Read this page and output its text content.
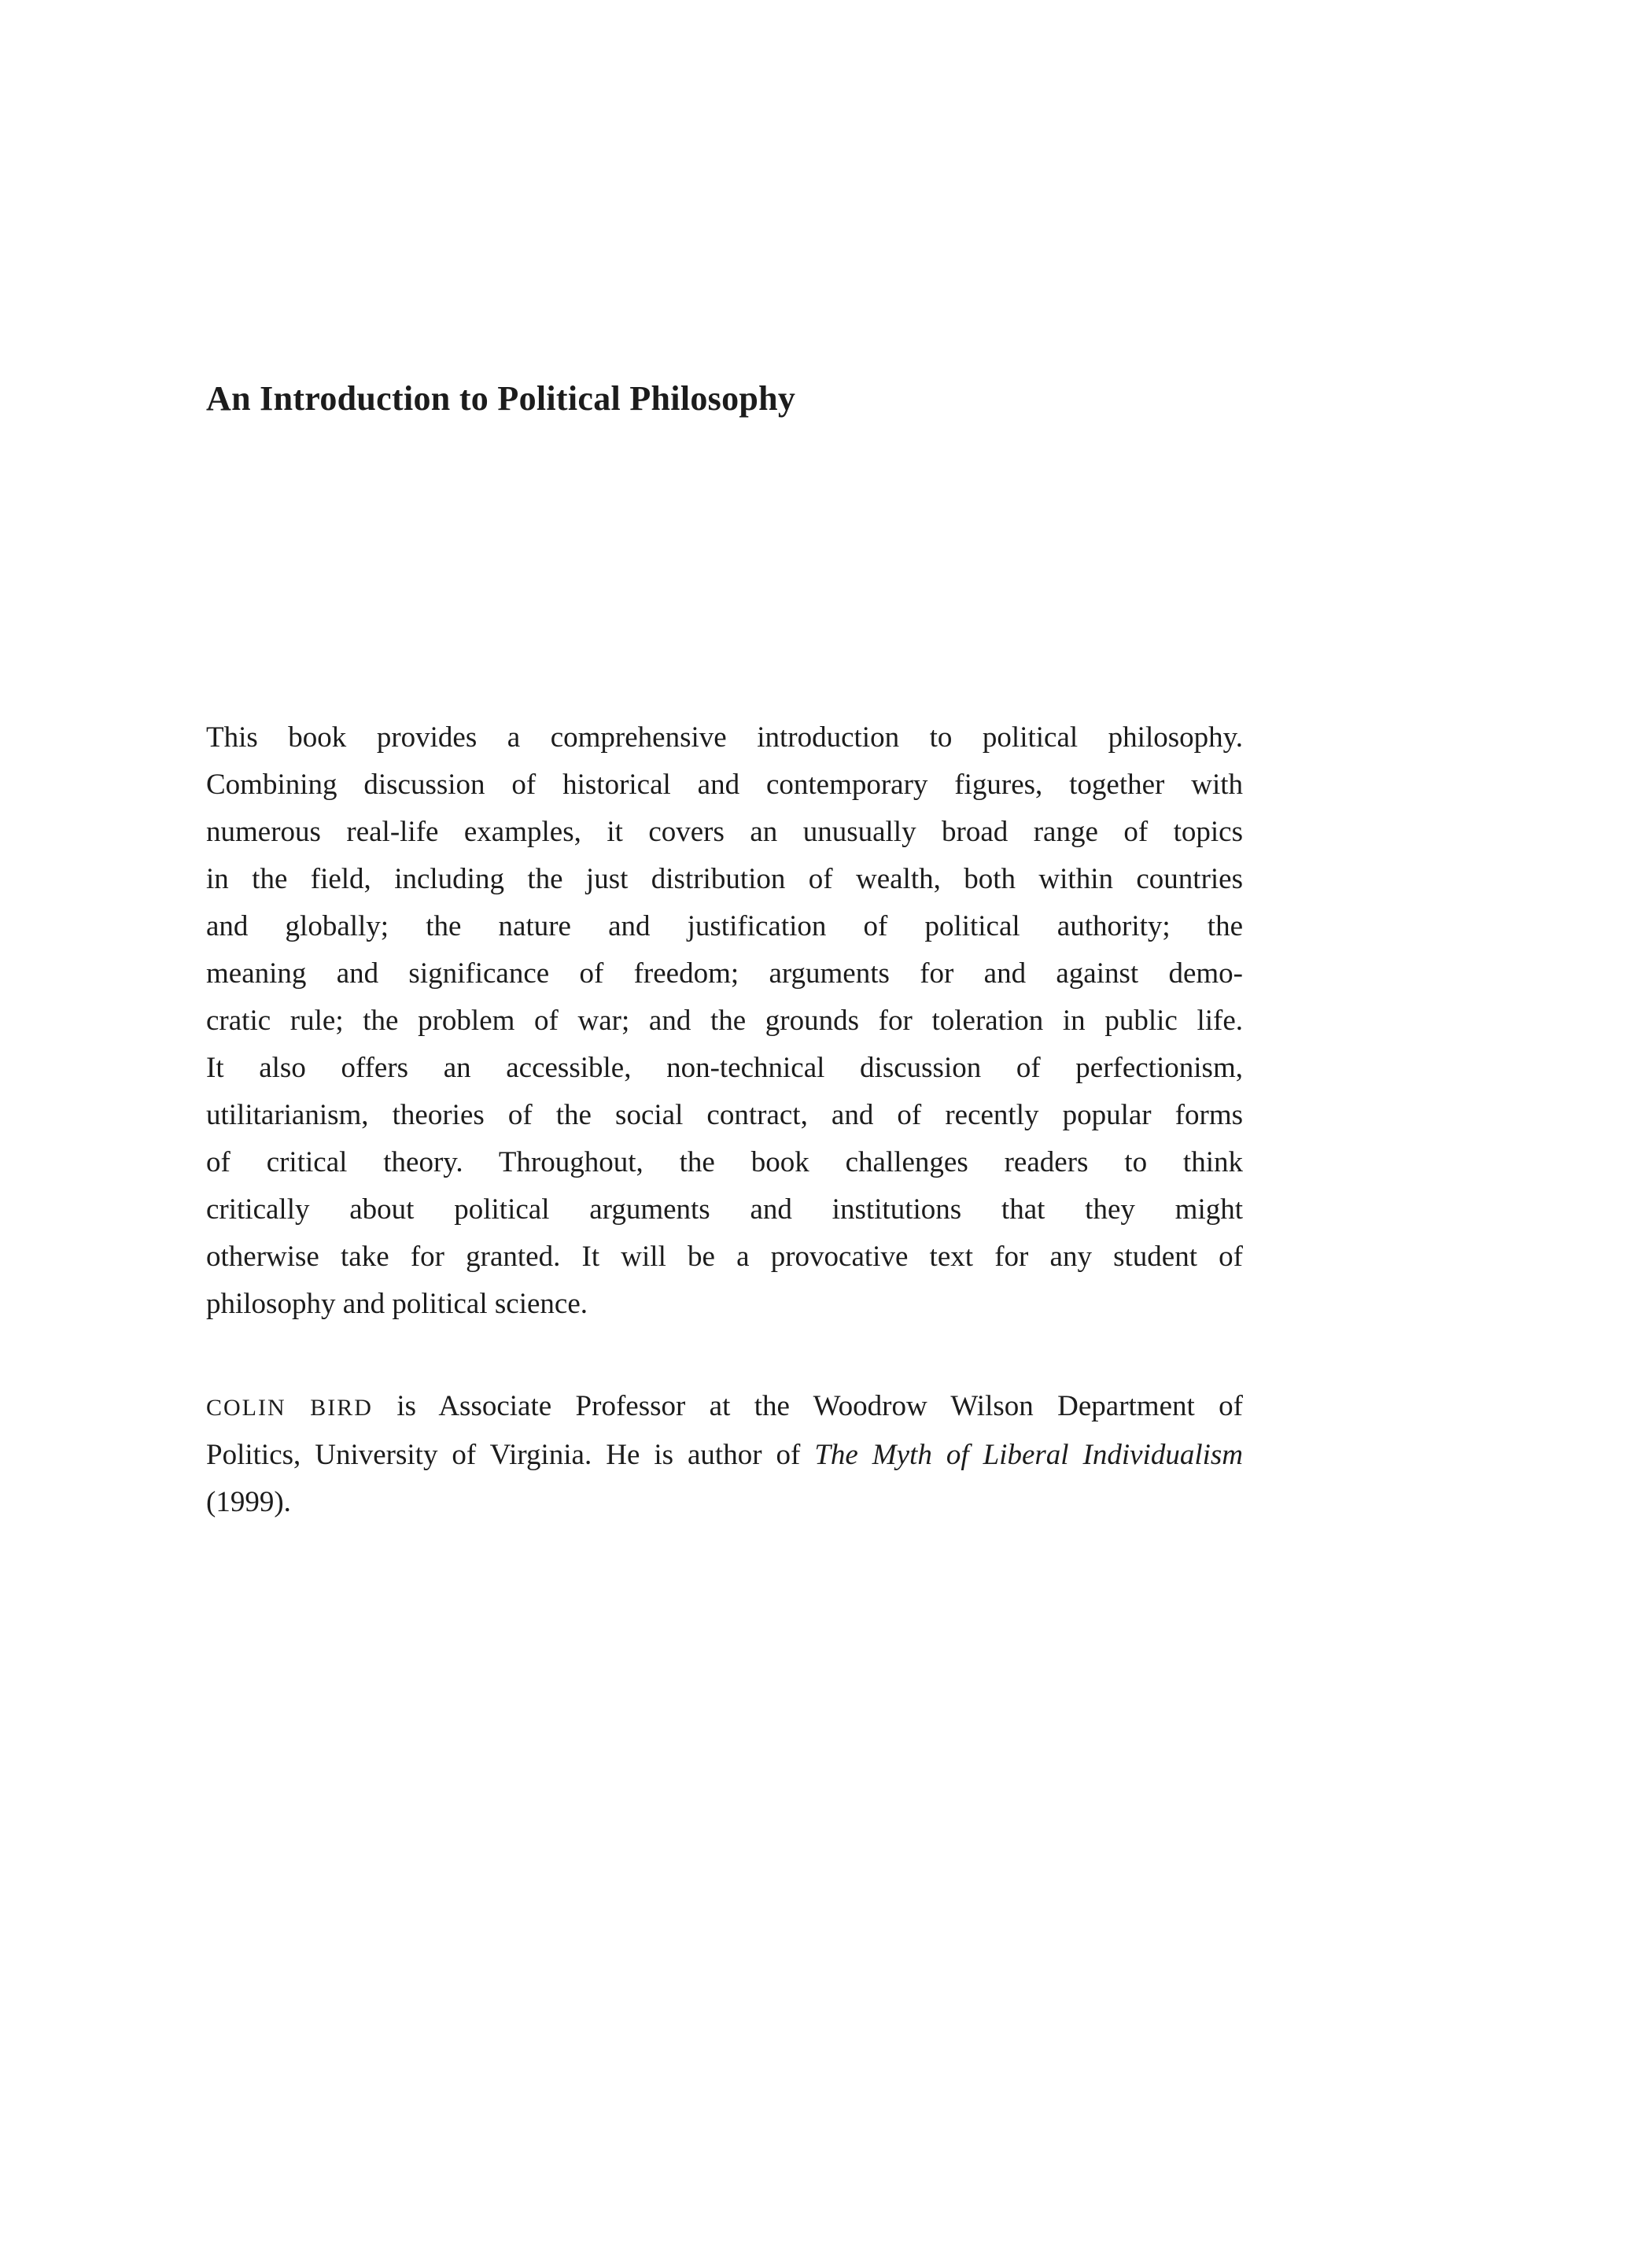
An Introduction to Political Philosophy
This book provides a comprehensive introduction to political philosophy.
Combining discussion of historical and contemporary figures, together with
numerous real-life examples, it covers an unusually broad range of topics
in the field, including the just distribution of wealth, both within countries
and globally; the nature and justification of political authority; the
meaning and significance of freedom; arguments for and against demo-
cratic rule; the problem of war; and the grounds for toleration in public life.
It also offers an accessible, non-technical discussion of perfectionism,
utilitarianism, theories of the social contract, and of recently popular forms
of critical theory. Throughout, the book challenges readers to think
critically about political arguments and institutions that they might
otherwise take for granted. It will be a provocative text for any student of
philosophy and political science.
COLIN BIRD is Associate Professor at the Woodrow Wilson Department of
Politics, University of Virginia. He is author of The Myth of Liberal Individualism
(1999).
